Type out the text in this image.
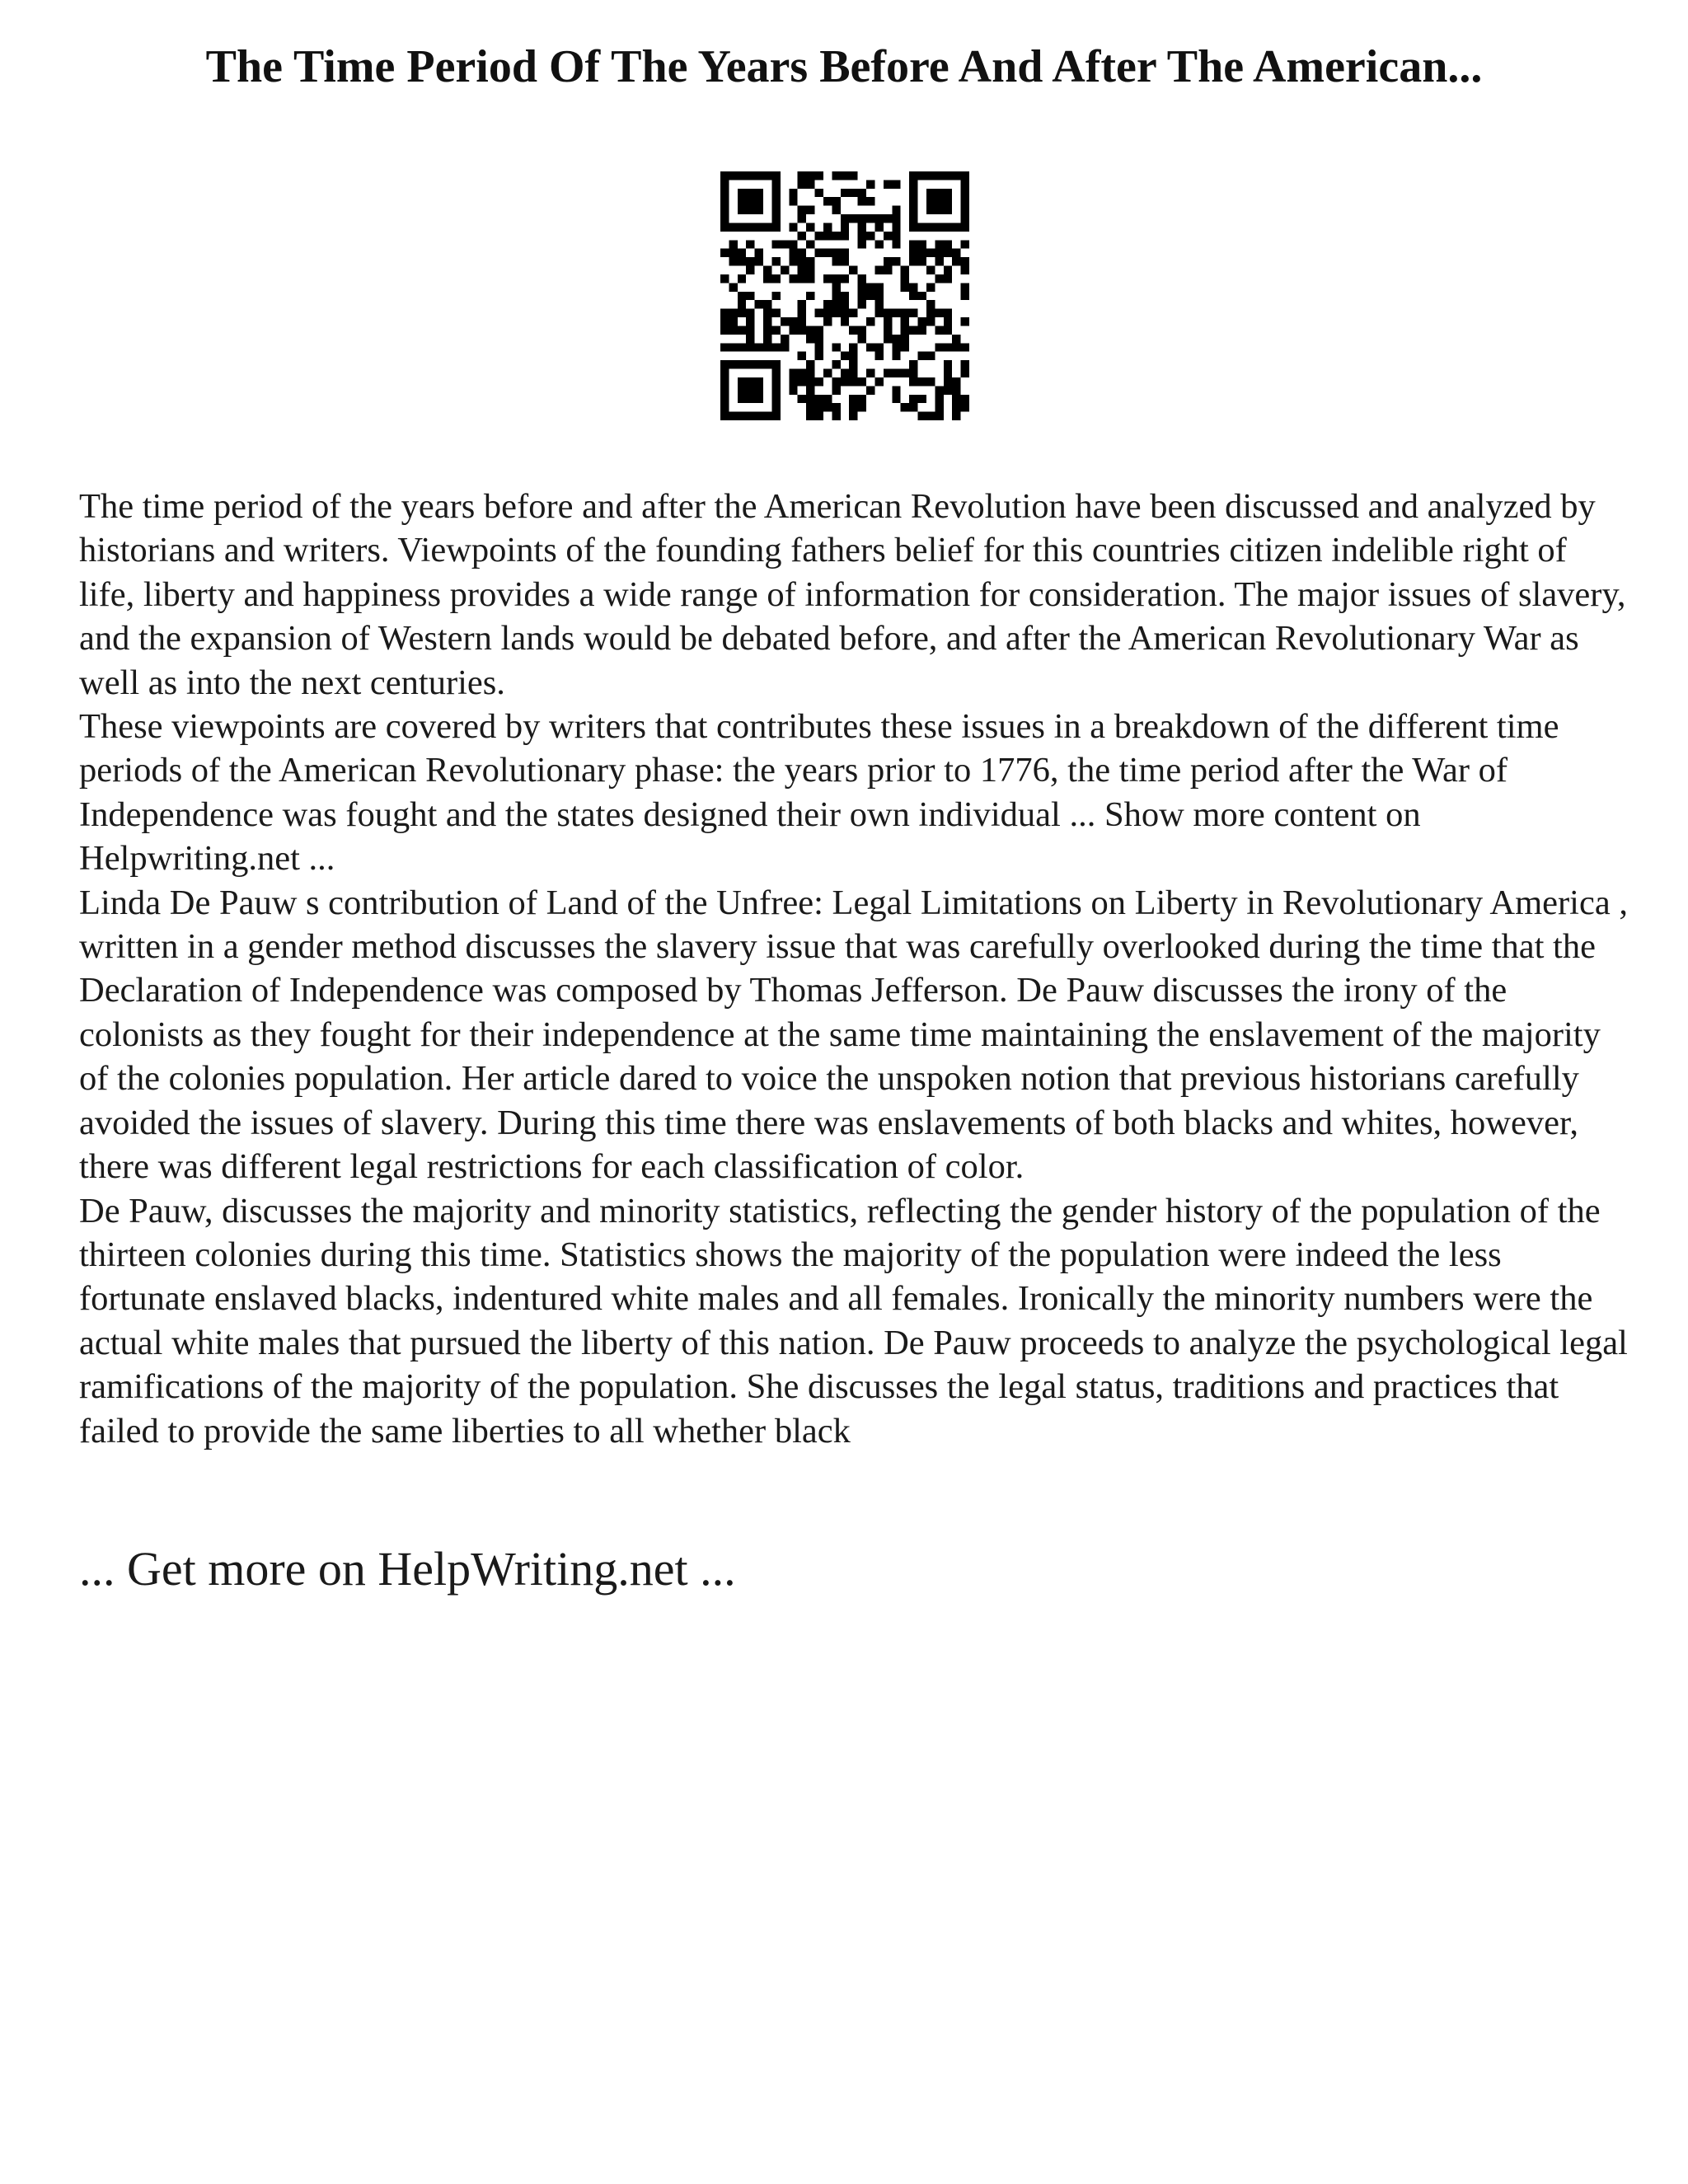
The Time Period Of The Years Before And After The American...

The time period of the years before and after the American Revolution have been discussed and analyzed by historians and writers. Viewpoints of the founding fathers belief for this countries citizen indelible right of life, liberty and happiness provides a wide range of information for consideration. The major issues of slavery, and the expansion of Western lands would be debated before, and after the American Revolutionary War as well as into the next centuries.

These viewpoints are covered by writers that contributes these issues in a breakdown of the different time periods of the American Revolutionary phase: the years prior to 1776, the time period after the War of Independence was fought and the states designed their own individual ... Show more content on Helpwriting.net ...

Linda De Pauw s contribution of Land of the Unfree: Legal Limitations on Liberty in Revolutionary America , written in a gender method discusses the slavery issue that was carefully overlooked during the time that the Declaration of Independence was composed by Thomas Jefferson. De Pauw discusses the irony of the colonists as they fought for their independence at the same time maintaining the enslavement of the majority of the colonies population. Her article dared to voice the unspoken notion that previous historians carefully avoided the issues of slavery. During this time there was enslavements of both blacks and whites, however, there was different legal restrictions for each classification of color.

De Pauw, discusses the majority and minority statistics, reflecting the gender history of the population of the thirteen colonies during this time. Statistics shows the majority of the population were indeed the less fortunate enslaved blacks, indentured white males and all females. Ironically the minority numbers were the actual white males that pursued the liberty of this nation. De Pauw proceeds to analyze the psychological legal ramifications of the majority of the population. She discusses the legal status, traditions and practices that failed to provide the same liberties to all whether black

... Get more on HelpWriting.net ...
